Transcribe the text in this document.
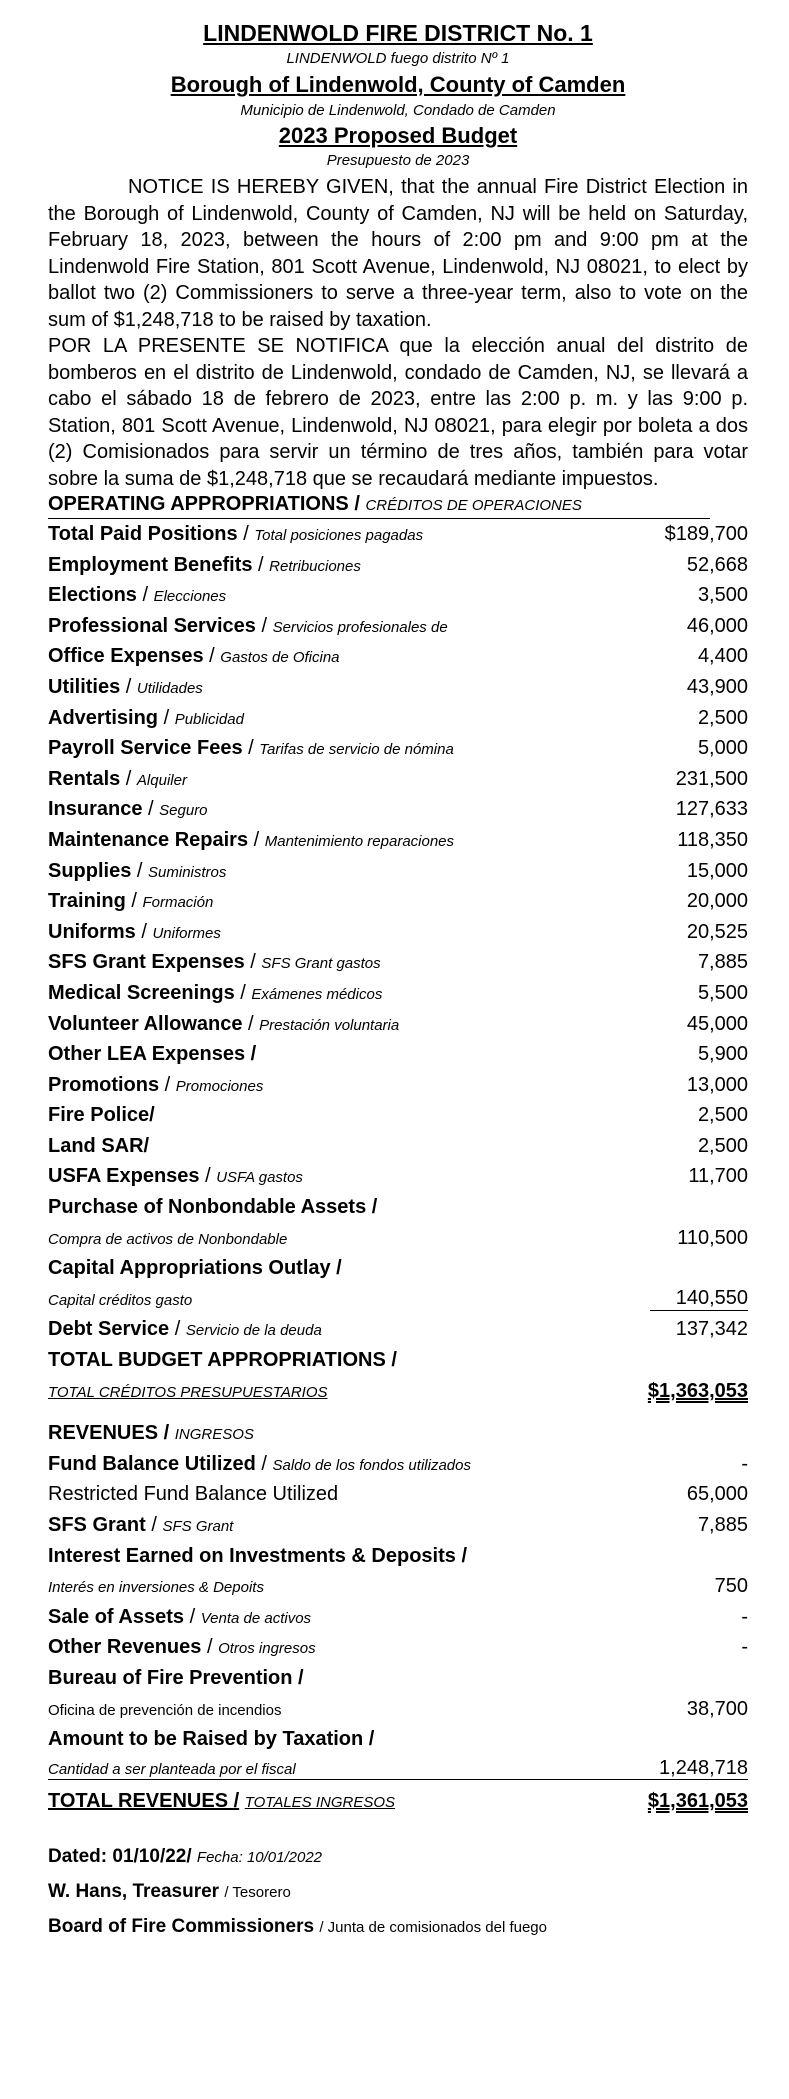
LINDENWOLD FIRE DISTRICT No. 1
LINDENWOLD fuego distrito Nº 1
Borough of Lindenwold, County of Camden
Municipio de Lindenwold, Condado de Camden
2023 Proposed Budget
Presupuesto de 2023

NOTICE IS HEREBY GIVEN, that the annual Fire District Election in the Borough of Lindenwold, County of Camden, NJ will be held on Saturday, February 18, 2023, between the hours of 2:00 pm and 9:00 pm at the Lindenwold Fire Station, 801 Scott Avenue, Lindenwold, NJ 08021, to elect by ballot two (2) Commissioners to serve a three-year term, also to vote on the sum of $1,248,718 to be raised by taxation.

POR LA PRESENTE SE NOTIFICA que la elección anual del distrito de bomberos en el distrito de Lindenwold, condado de Camden, NJ, se llevará a cabo el sábado 18 de febrero de 2023, entre las 2:00 p. m. y las 9:00 p. Station, 801 Scott Avenue, Lindenwold, NJ 08021, para elegir por boleta a dos (2) Comisionados para servir un término de tres años, también para votar sobre la suma de $1,248,718 que se recaudará mediante impuestos.

OPERATING APPROPRIATIONS / CRÉDITOS DE OPERACIONES
Total Paid Positions / Total posiciones pagadas	$189,700
Employment Benefits / Retribuciones	52,668
Elections / Elecciones	3,500
Professional Services / Servicios profesionales de	46,000
Office Expenses / Gastos de Oficina	4,400
Utilities / Utilidades	43,900
Advertising / Publicidad	2,500
Payroll Service Fees / Tarifas de servicio de nómina	5,000
Rentals / Alquiler	231,500
Insurance / Seguro	127,633
Maintenance Repairs / Mantenimiento reparaciones	118,350
Supplies / Suministros	15,000
Training / Formación	20,000
Uniforms / Uniformes	20,525
SFS Grant Expenses / SFS Grant gastos	7,885
Medical Screenings / Exámenes médicos	5,500
Volunteer Allowance / Prestación voluntaria	45,000
Other LEA Expenses /	5,900
Promotions / Promociones	13,000
Fire Police/	2,500
Land SAR/	2,500
USFA Expenses / USFA gastos	11,700
Purchase of Nonbondable Assets /
Compra de activos de Nonbondable	110,500
Capital Appropriations Outlay /
Capital créditos gasto	140,550
Debt Service / Servicio de la deuda	137,342
TOTAL BUDGET APPROPRIATIONS /
TOTAL CRÉDITOS PRESUPUESTARIOS	$1,363,053
REVENUES / INGRESOS
Fund Balance Utilized / Saldo de los fondos utilizados	-
Restricted Fund Balance Utilized	65,000
SFS Grant / SFS Grant	7,885
Interest Earned on Investments & Deposits /
Interés en inversiones & Depoits	750
Sale of Assets / Venta de activos	-
Other Revenues / Otros ingresos	-
Bureau of Fire Prevention /
Oficina de prevención de incendios	38,700
Amount to be Raised by Taxation /
Cantidad a ser planteada por el fiscal	1,248,718
TOTAL REVENUES / TOTALES INGRESOS	$1,361,053
Dated: 01/10/22/ Fecha: 10/01/2022
W. Hans, Treasurer / Tesorero
Board of Fire Commissioners / Junta de comisionados del fuego
